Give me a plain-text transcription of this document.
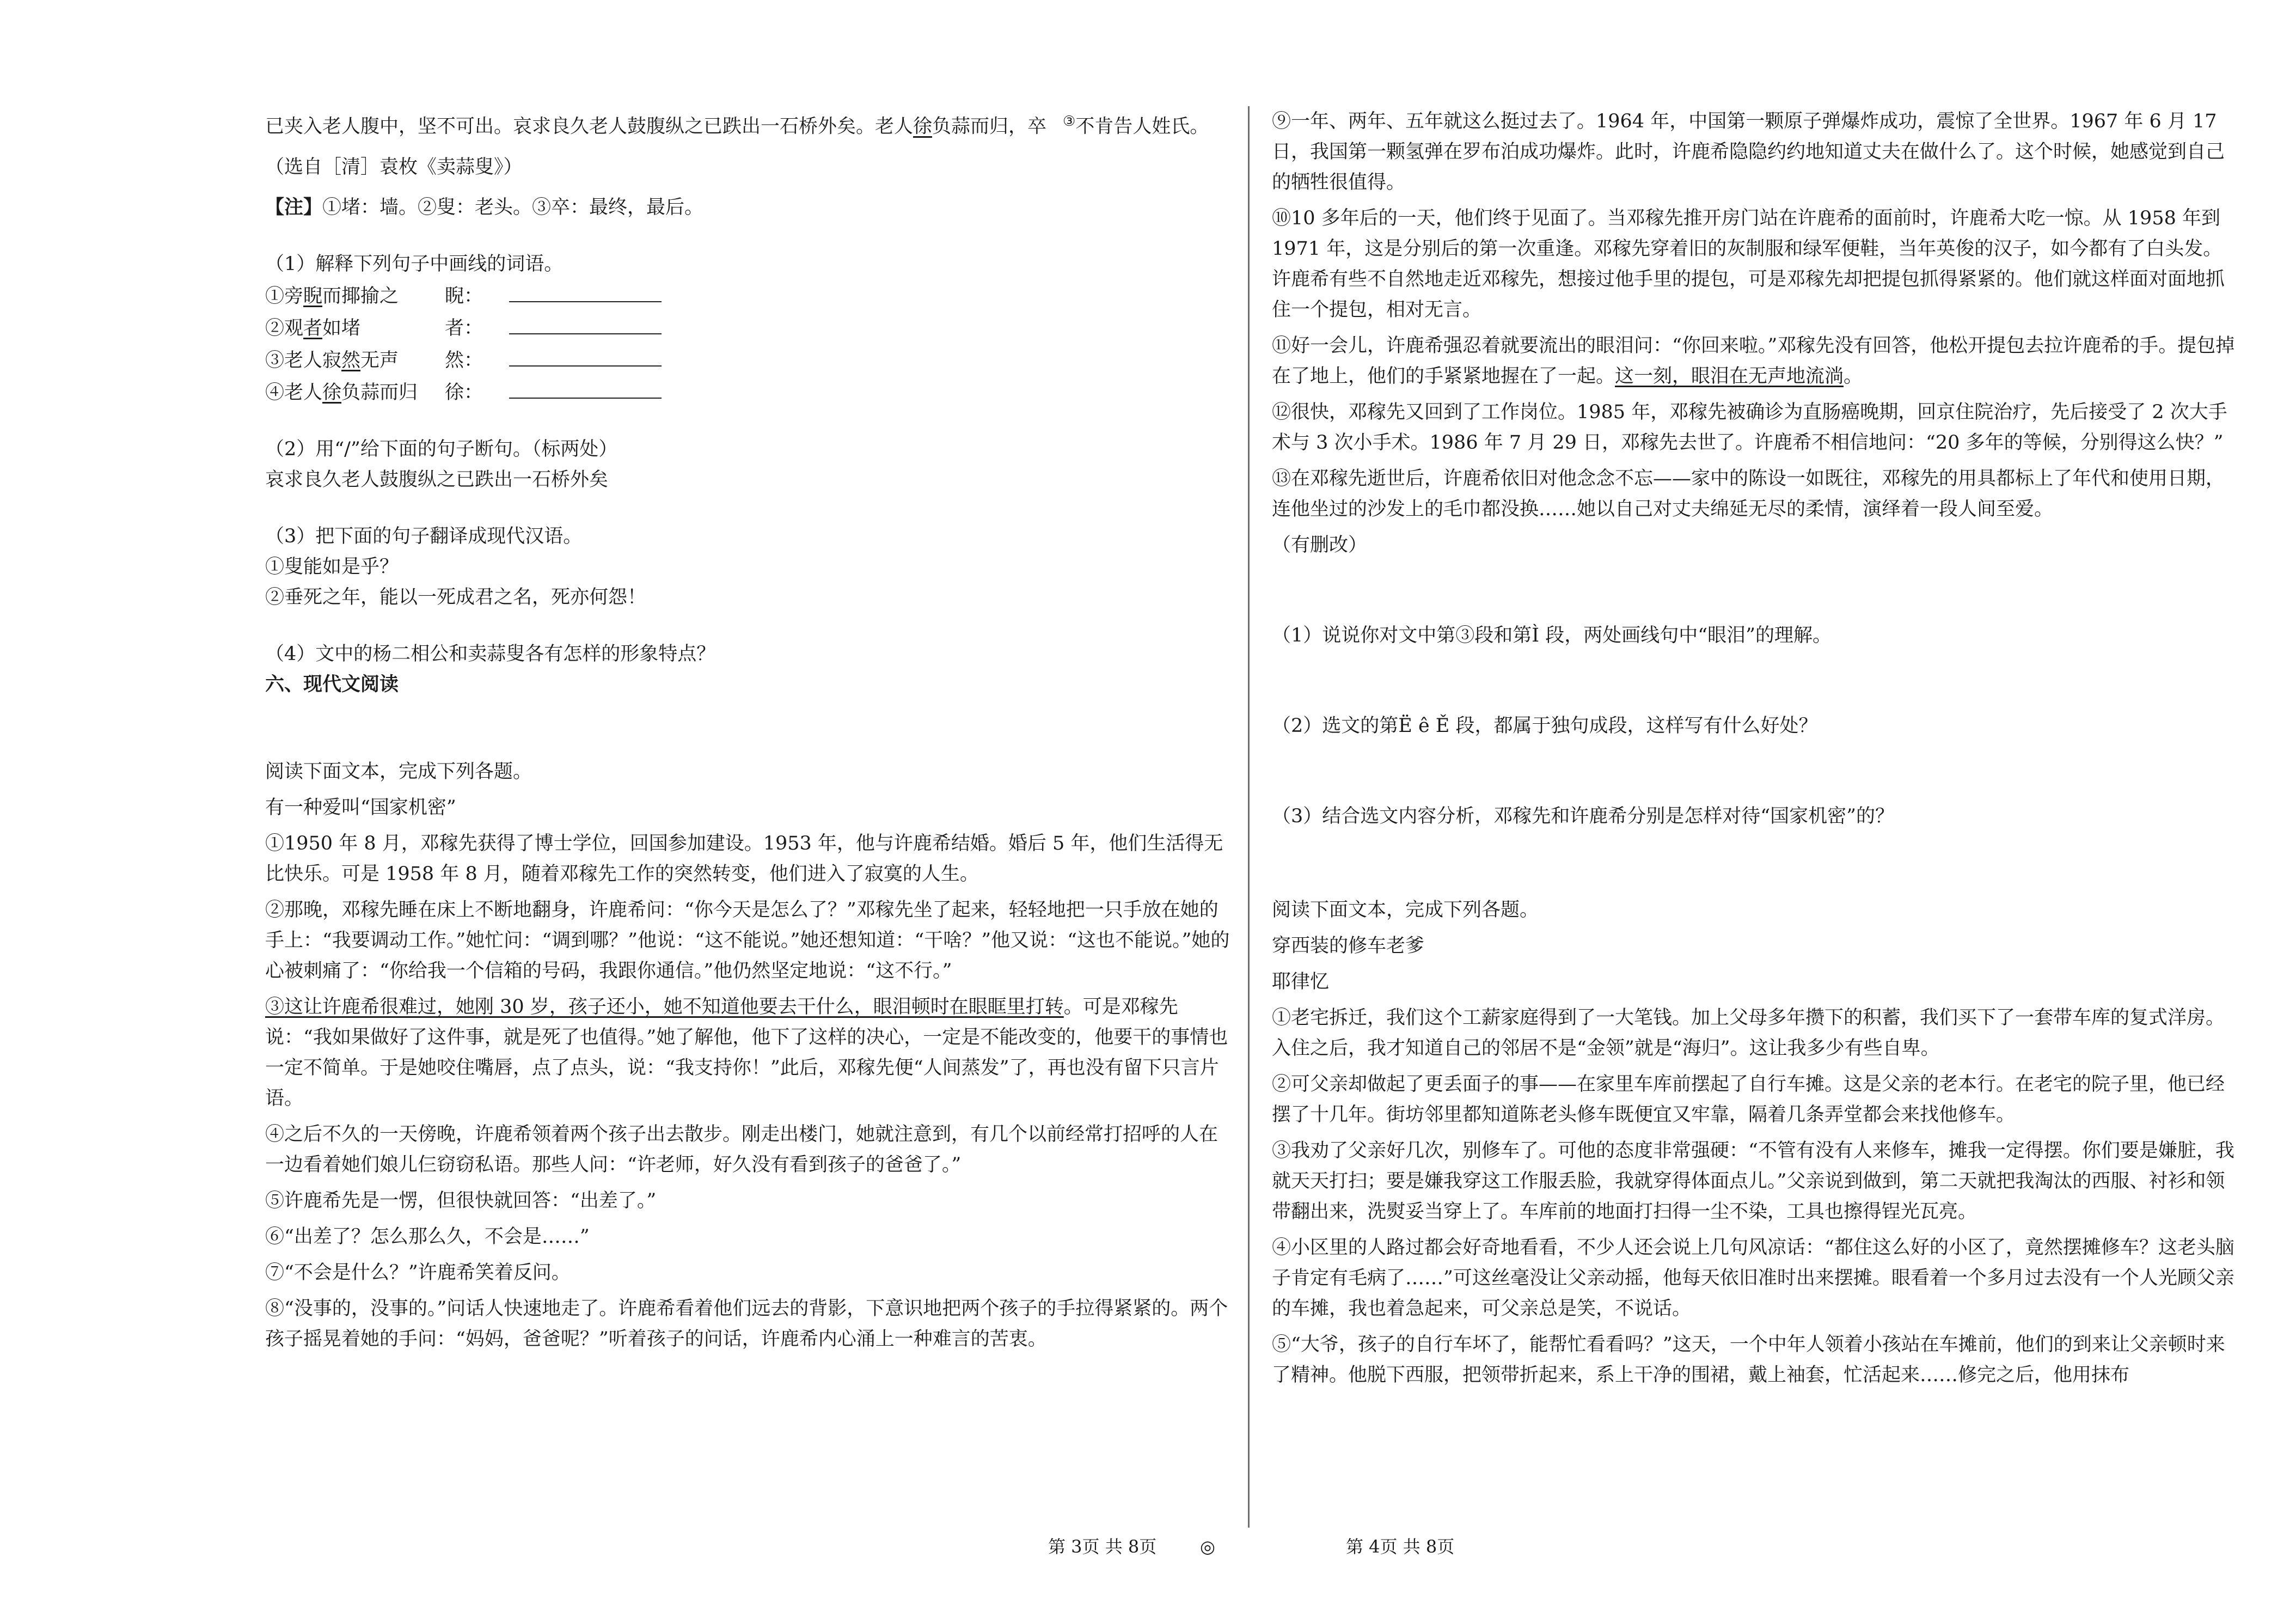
已夹入老人腹中，坚不可出。哀求良久老人鼓腹纵之已跌出一石桥外矣。老人徐负蒜而归，卒 ③不肯告人姓氏。

（选自［清］袁枚《卖蒜叟》）

【注】①堵：墙。②叟：老头。③卒：最终，最后。

（1）解释下列句子中画线的词语。

①旁睨而揶揄之	睨：
②观者如堵	者：
③老人寂然无声	然：
④老人徐负蒜而归	徐：

（2）用“/”给下面的句子断句。（标两处）

哀求良久老人鼓腹纵之已跌出一石桥外矣

（3）把下面的句子翻译成现代汉语。

①叟能如是乎？

②垂死之年，能以一死成君之名，死亦何怨！

（4）文中的杨二相公和卖蒜叟各有怎样的形象特点？

六、现代文阅读

阅读下面文本，完成下列各题。

有一种爱叫“国家机密”

①1950 年 8 月，邓稼先获得了博士学位，回国参加建设。1953 年，他与许鹿希结婚。婚后 5 年，他们生活得无比快乐。可是 1958 年 8 月，随着邓稼先工作的突然转变，他们进入了寂寞的人生。

②那晚，邓稼先睡在床上不断地翻身，许鹿希问：“你今天是怎么了？”邓稼先坐了起来，轻轻地把一只手放在她的手上：“我要调动工作。”她忙问：“调到哪？”他说：“这不能说。”她还想知道：“干啥？”他又说：“这也不能说。”她的心被刺痛了：“你给我一个信箱的号码，我跟你通信。”他仍然坚定地说：“这不行。”

③这让许鹿希很难过，她刚 30 岁，孩子还小，她不知道他要去干什么，眼泪顿时在眼眶里打转。可是邓稼先说：“我如果做好了这件事，就是死了也值得。”她了解他，他下了这样的决心，一定是不能改变的，他要干的事情也一定不简单。于是她咬住嘴唇，点了点头，说：“我支持你！”此后，邓稼先便“人间蒸发”了，再也没有留下只言片语。

④之后不久的一天傍晚，许鹿希领着两个孩子出去散步。刚走出楼门，她就注意到，有几个以前经常打招呼的人在一边看着她们娘儿仨窃窃私语。那些人问：“许老师，好久没有看到孩子的爸爸了。”

⑤许鹿希先是一愣，但很快就回答：“出差了。”

⑥“出差了？怎么那么久，不会是……”

⑦“不会是什么？”许鹿希笑着反问。

⑧“没事的，没事的。”问话人快速地走了。许鹿希看着他们远去的背影，下意识地把两个孩子的手拉得紧紧的。两个孩子摇晃着她的手问：“妈妈，爸爸呢？”听着孩子的问话，许鹿希内心涌上一种难言的苦衷。

⑨一年、两年、五年就这么挺过去了。1964 年，中国第一颗原子弹爆炸成功，震惊了全世界。1967 年 6 月 17 日，我国第一颗氢弹在罗布泊成功爆炸。此时，许鹿希隐隐约约地知道丈夫在做什么了。这个时候，她感觉到自己的牺牲很值得。

⑩10 多年后的一天，他们终于见面了。当邓稼先推开房门站在许鹿希的面前时，许鹿希大吃一惊。从 1958 年到 1971 年，这是分别后的第一次重逢。邓稼先穿着旧的灰制服和绿军便鞋，当年英俊的汉子，如今都有了白头发。许鹿希有些不自然地走近邓稼先，想接过他手里的提包，可是邓稼先却把提包抓得紧紧的。他们就这样面对面地抓住一个提包，相对无言。

⑪好一会儿，许鹿希强忍着就要流出的眼泪问：“你回来啦。”邓稼先没有回答，他松开提包去拉许鹿希的手。提包掉在了地上，他们的手紧紧地握在了一起。这一刻，眼泪在无声地流淌。

⑫很快，邓稼先又回到了工作岗位。1985 年，邓稼先被确诊为直肠癌晚期，回京住院治疗，先后接受了 2 次大手术与 3 次小手术。1986 年 7 月 29 日，邓稼先去世了。许鹿希不相信地问：“20 多年的等候，分别得这么快？”

⑬在邓稼先逝世后，许鹿希依旧对他念念不忘——家中的陈设一如既往，邓稼先的用具都标上了年代和使用日期，连他坐过的沙发上的毛巾都没换……她以自己对丈夫绵延无尽的柔情，演绎着一段人间至爱。

（有删改）

（1）说说你对文中第③段和第Ì 段，两处画线句中“眼泪”的理解。

（2）选文的第Ë ê Ě 段，都属于独句成段，这样写有什么好处？

（3）结合选文内容分析，邓稼先和许鹿希分别是怎样对待“国家机密”的？

阅读下面文本，完成下列各题。

穿西装的修车老爹

耶律忆

①老宅拆迁，我们这个工薪家庭得到了一大笔钱。加上父母多年攒下的积蓄，我们买下了一套带车库的复式洋房。入住之后，我才知道自己的邻居不是“金领”就是“海归”。这让我多少有些自卑。

②可父亲却做起了更丢面子的事——在家里车库前摆起了自行车摊。这是父亲的老本行。在老宅的院子里，他已经摆了十几年。街坊邻里都知道陈老头修车既便宜又牢靠，隔着几条弄堂都会来找他修车。

③我劝了父亲好几次，别修车了。可他的态度非常强硬：“不管有没有人来修车，摊我一定得摆。你们要是嫌脏，我就天天打扫；要是嫌我穿这工作服丢脸，我就穿得体面点儿。”父亲说到做到，第二天就把我淘汰的西服、衬衫和领带翻出来，洗熨妥当穿上了。车库前的地面打扫得一尘不染，工具也擦得锃光瓦亮。

④小区里的人路过都会好奇地看看，不少人还会说上几句风凉话：“都住这么好的小区了，竟然摆摊修车？这老头脑子肯定有毛病了……”可这丝毫没让父亲动摇，他每天依旧准时出来摆摊。眼看着一个多月过去没有一个人光顾父亲的车摊，我也着急起来，可父亲总是笑，不说话。

⑤“大爷，孩子的自行车坏了，能帮忙看看吗？”这天，一个中年人领着小孩站在车摊前，他们的到来让父亲顿时来了精神。他脱下西服，把领带折起来，系上干净的围裙，戴上袖套，忙活起来……修完之后，他用抹布

第 3页 共 8页 ◎	第 4页 共 8页
